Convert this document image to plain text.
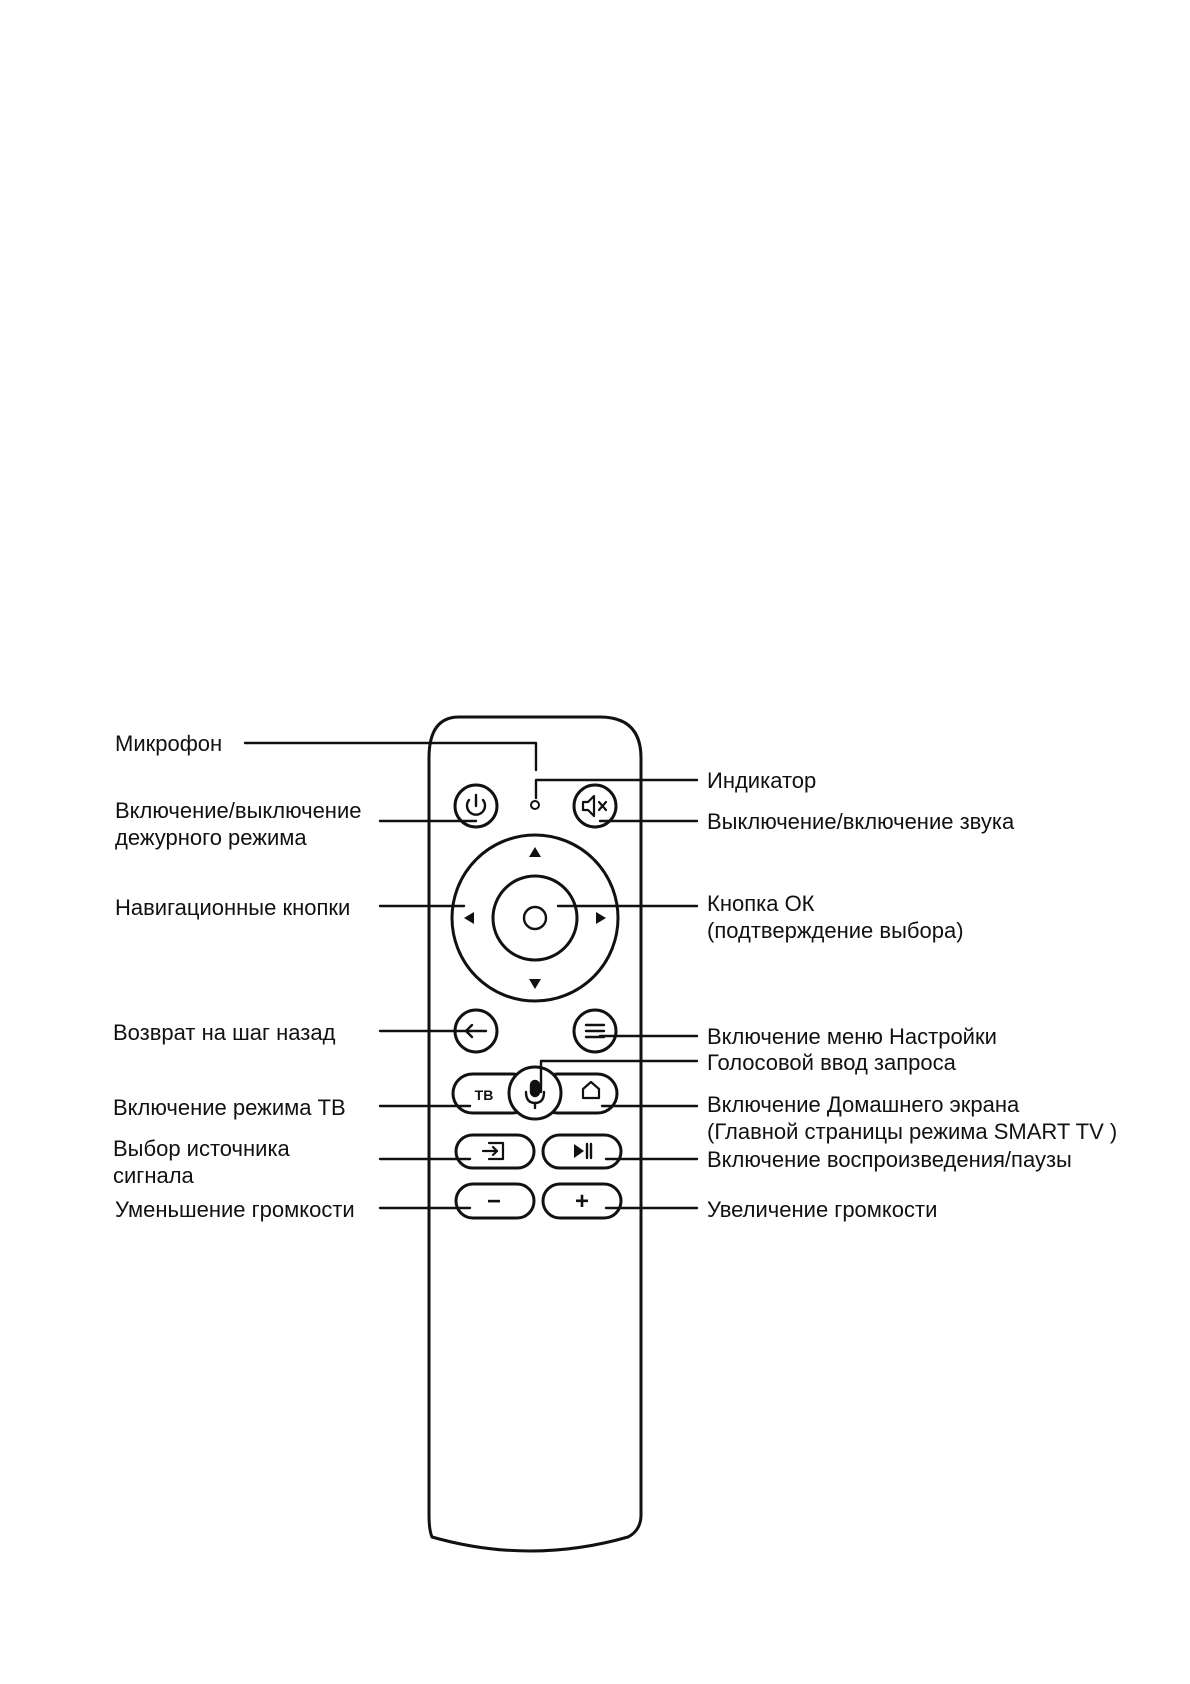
ТВ
−	+
Микрофон
Включение/выключение
дежурного режима
Навигационные кнопки
Возврат на шаг назад
Включение режима ТВ
Выбор источника
сигнала
Уменьшение громкости
Индикатор
Выключение/включение звука
Кнопка ОК
(подтверждение выбора)
Включение меню Настройки
Голосовой ввод запроса
Включение Домашнего экрана
(Главной страницы режима SMART TV )
Включение воспроизведения/паузы
Увеличение громкости
